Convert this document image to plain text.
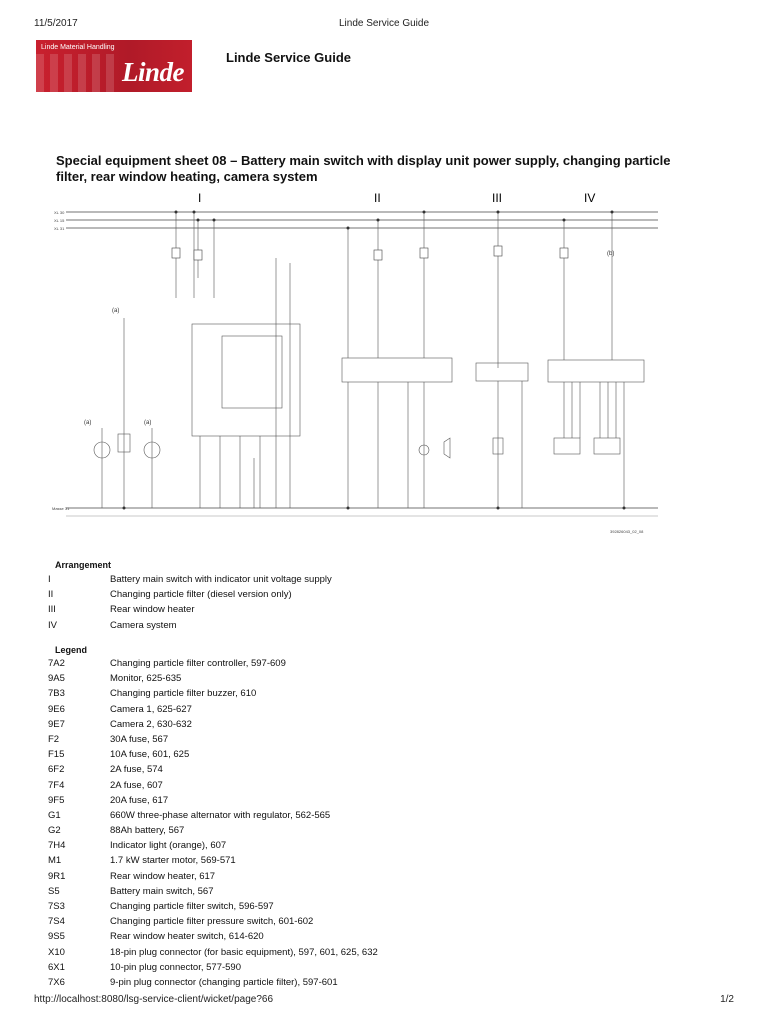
11/5/2017	Linde Service Guide
Linde Material Handling
Linde	Linde Service Guide
Special equipment sheet 08 – Battery main switch with display unit power supply, changing particle filter, rear window heating, camera system
I	II	III	IV
XL 30
XL 15
XL 31
Masse 31
392826043_02_08
(a)
(a)	(a)
(b)
Arrangement
I	Battery main switch with indicator unit voltage supply
II	Changing particle filter (diesel version only)
III	Rear window heater
IV	Camera system
Legend
7A2	Changing particle filter controller, 597-609
9A5	Monitor, 625-635
7B3	Changing particle filter buzzer, 610
9E6	Camera 1, 625-627
9E7	Camera 2, 630-632
F2	30A fuse, 567
F15	10A fuse, 601, 625
6F2	2A fuse, 574
7F4	2A fuse, 607
9F5	20A fuse, 617
G1	660W three-phase alternator with regulator, 562-565
G2	88Ah battery, 567
7H4	Indicator light (orange), 607
M1	1.7 kW starter motor, 569-571
9R1	Rear window heater, 617
S5	Battery main switch, 567
7S3	Changing particle filter switch, 596-597
7S4	Changing particle filter pressure switch, 601-602
9S5	Rear window heater switch, 614-620
X10	18-pin plug connector (for basic equipment), 597, 601, 625, 632
6X1	10-pin plug connector, 577-590
7X6	9-pin plug connector (changing particle filter), 597-601
http://localhost:8080/lsg-service-client/wicket/page?66	1/2
